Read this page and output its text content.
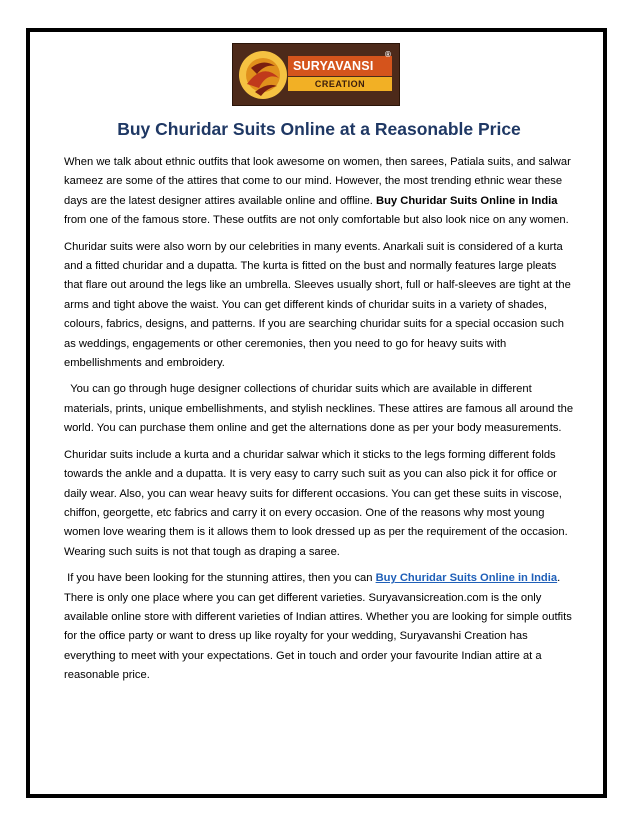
SURYAVANSI
®
CREATION
Buy Churidar Suits Online at a Reasonable Price

When we talk about ethnic outfits that look awesome on women, then sarees, Patiala suits, and salwar kameez are some of the attires that come to our mind. However, the most trending ethnic wear these days are the latest designer attires available online and offline. Buy Churidar Suits Online in India from one of the famous store. These outfits are not only comfortable but also look nice on any women.

Churidar suits were also worn by our celebrities in many events. Anarkali suit is considered of a kurta and a fitted churidar and a dupatta. The kurta is fitted on the bust and normally features large pleats that flare out around the legs like an umbrella. Sleeves usually short, full or half-sleeves are tight at the arms and tight above the waist. You can get different kinds of churidar suits in a variety of shades, colours, fabrics, designs, and patterns. If you are searching churidar suits for a special occasion such as weddings, engagements or other ceremonies, then you need to go for heavy suits with embellishments and embroidery.

You can go through huge designer collections of churidar suits which are available in different materials, prints, unique embellishments, and stylish necklines. These attires are famous all around the world. You can purchase them online and get the alternations done as per your body measurements.

Churidar suits include a kurta and a churidar salwar which it sticks to the legs forming different folds towards the ankle and a dupatta. It is very easy to carry such suit as you can also pick it for office or daily wear. Also, you can wear heavy suits for different occasions. You can get these suits in viscose, chiffon, georgette, etc fabrics and carry it on every occasion. One of the reasons why most young women love wearing them is it allows them to look dressed up as per the requirement of the occasion. Wearing such suits is not that tough as draping a saree.

If you have been looking for the stunning attires, then you can Buy Churidar Suits Online in India. There is only one place where you can get different varieties. Suryavansicreation.com is the only available online store with different varieties of Indian attires. Whether you are looking for simple outfits for the office party or want to dress up like royalty for your wedding, Suryavanshi Creation has everything to meet with your expectations. Get in touch and order your favourite Indian attire at a reasonable price.
